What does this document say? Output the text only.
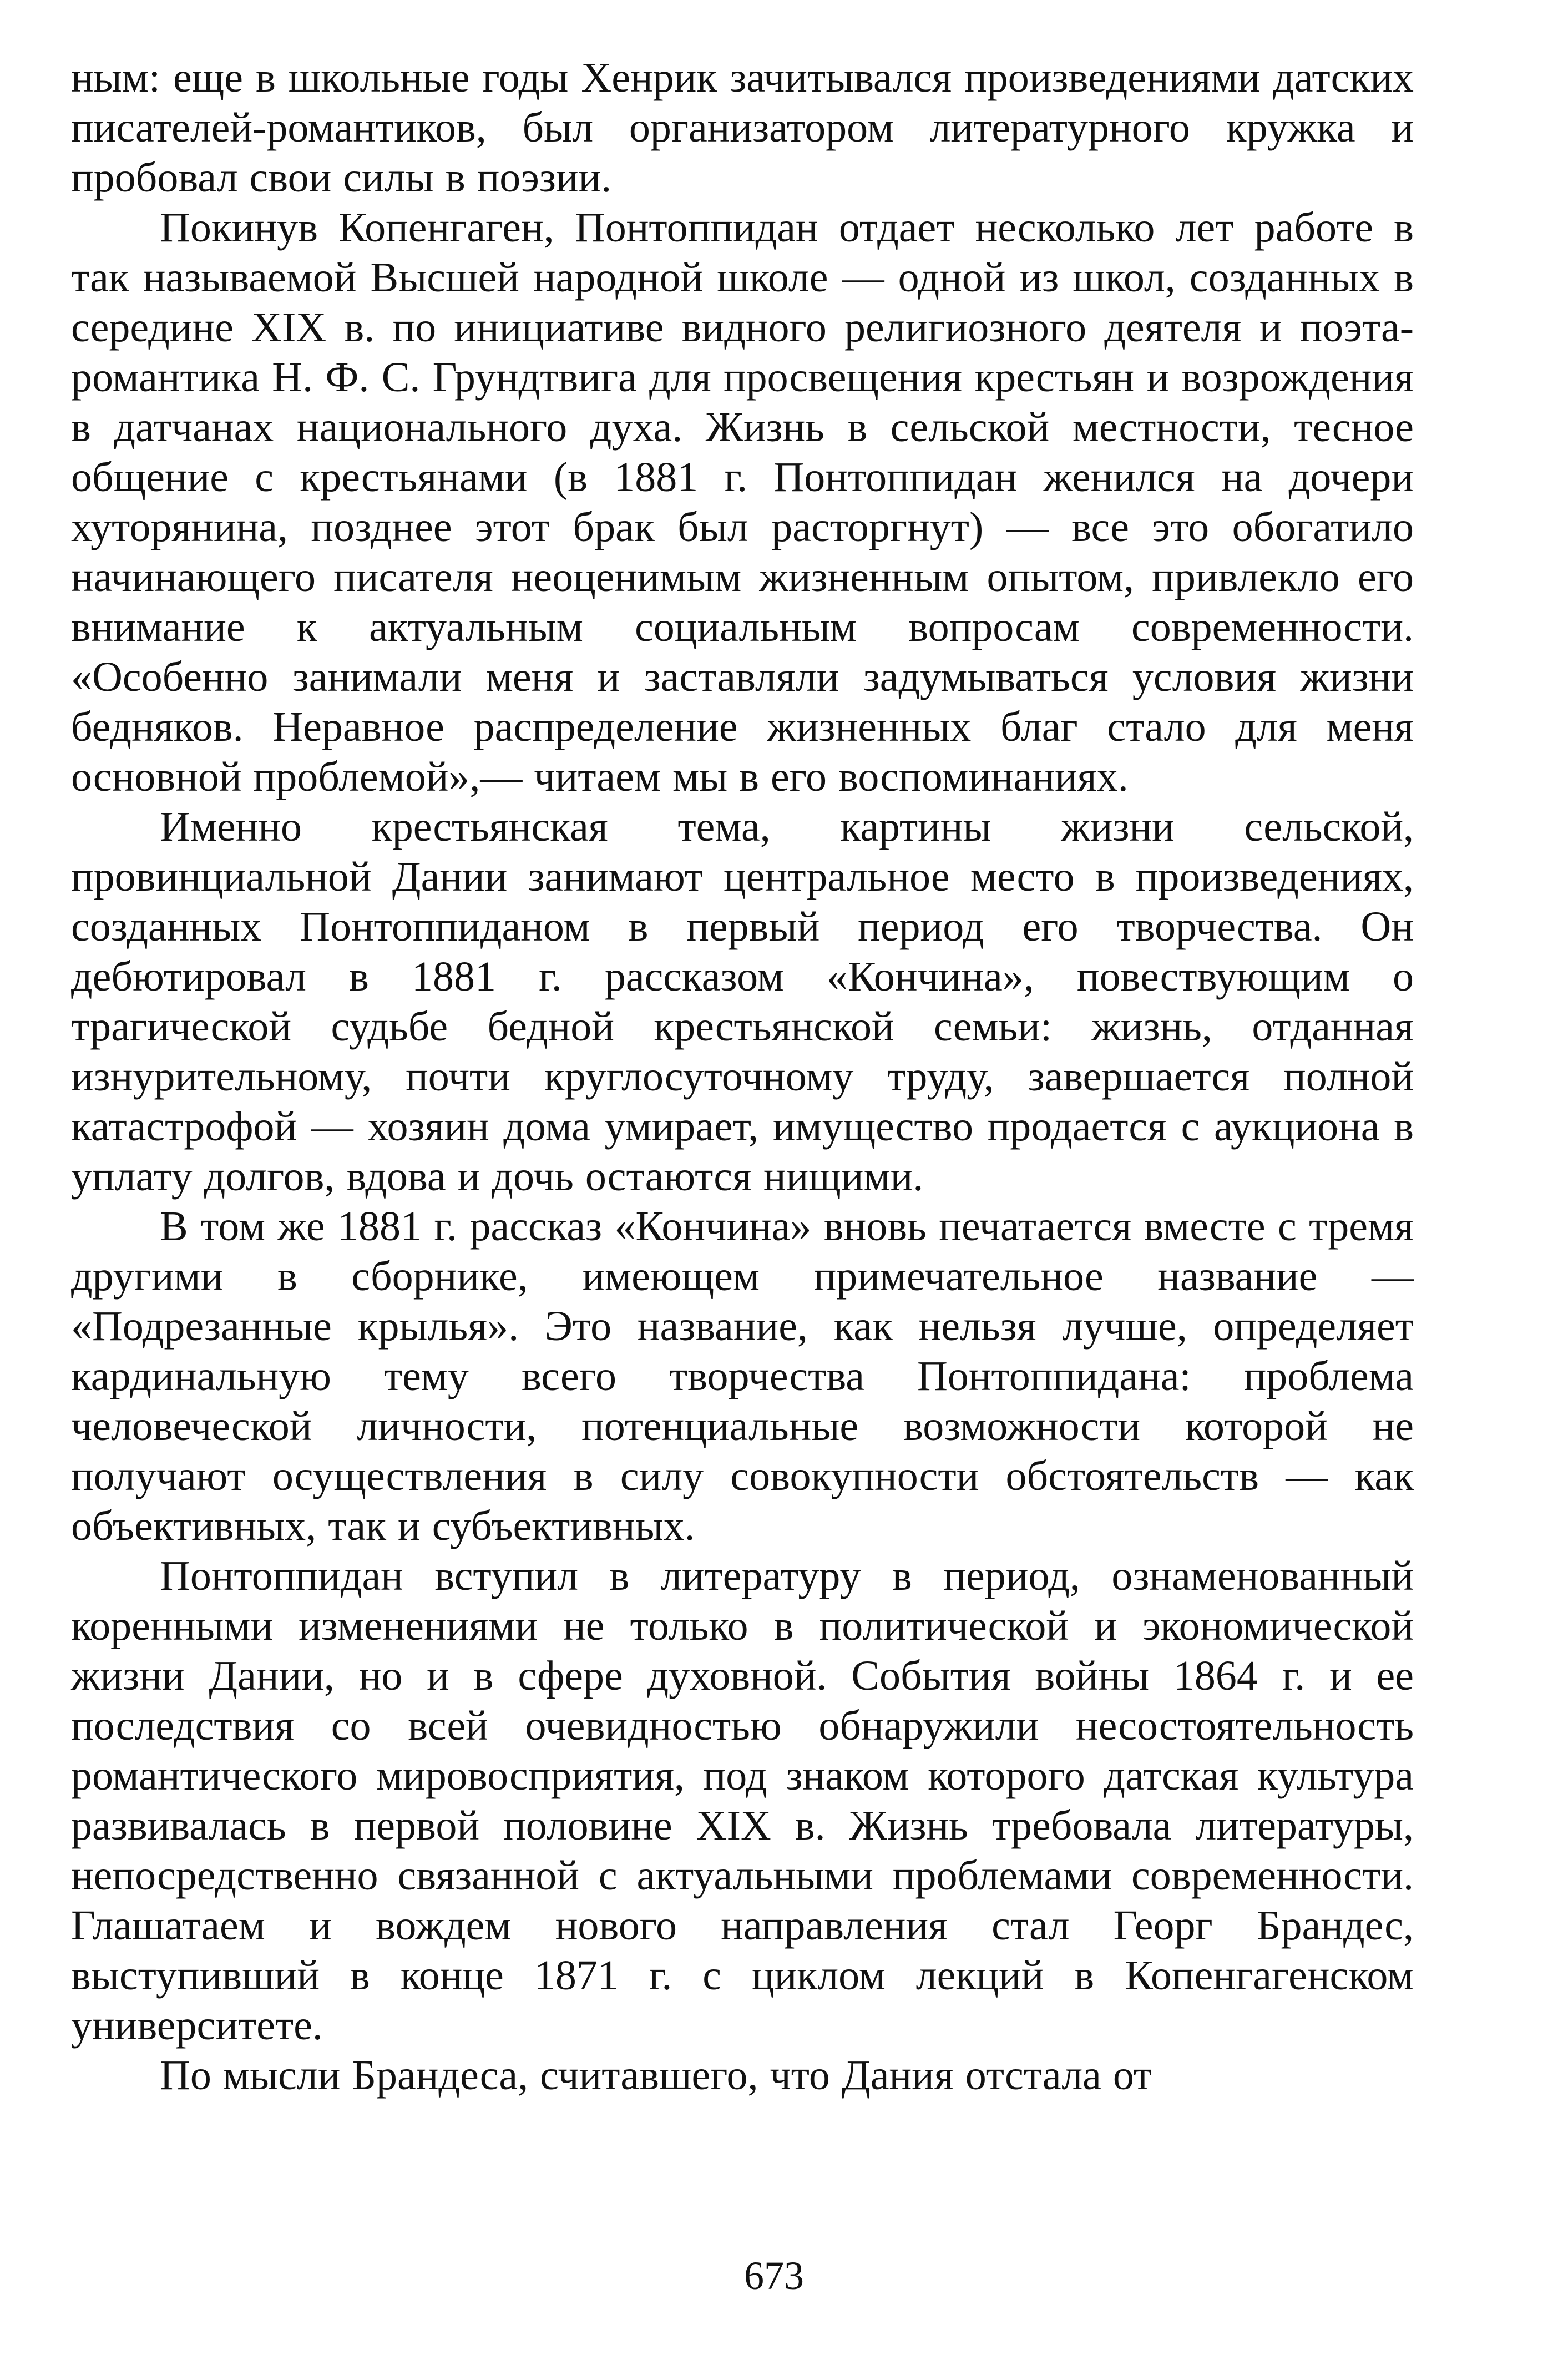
ным: еще в школьные годы Хенрик зачитывался произведениями датских писателей-романтиков, был организатором литературного кружка и пробовал свои силы в поэзии.

Покинув Копенгаген, Понтоппидан отдает несколько лет работе в так называемой Высшей народной школе — одной из школ, созданных в середине XIX в. по инициативе видного религиозного деятеля и поэта-романтика Н. Ф. С. Грундтвига для просвещения крестьян и возрождения в датчанах национального духа. Жизнь в сельской местности, тесное общение с крестьянами (в 1881 г. Понтоппидан женился на дочери хуторянина, позднее этот брак был расторгнут) — все это обогатило начинающего писателя неоценимым жизненным опытом, привлекло его внимание к актуальным социальным вопросам современности. «Особенно занимали меня и заставляли задумываться условия жизни бедняков. Неравное распределение жизненных благ стало для меня основной проблемой»,— читаем мы в его воспоминаниях.

Именно крестьянская тема, картины жизни сельской, провинциальной Дании занимают центральное место в произведениях, созданных Понтоппиданом в первый период его творчества. Он дебютировал в 1881 г. рассказом «Кончина», повествующим о трагической судьбе бедной крестьянской семьи: жизнь, отданная изнурительному, почти круглосуточному труду, завершается полной катастрофой — хозяин дома умирает, имущество продается с аукциона в уплату долгов, вдова и дочь остаются нищими.

В том же 1881 г. рассказ «Кончина» вновь печатается вместе с тремя другими в сборнике, имеющем примечательное название — «Подрезанные крылья». Это название, как нельзя лучше, определяет кардинальную тему всего творчества Понтоппидана: проблема человеческой личности, потенциальные возможности которой не получают осуществления в силу совокупности обстоятельств — как объективных, так и субъективных.

Понтоппидан вступил в литературу в период, ознаменованный коренными изменениями не только в политической и экономической жизни Дании, но и в сфере духовной. События войны 1864 г. и ее последствия со всей очевидностью обнаружили несостоятельность романтического мировосприятия, под знаком которого датская культура развивалась в первой половине XIX в. Жизнь требовала литературы, непосредственно связанной с актуальными проблемами современности. Глашатаем и вождем нового направления стал Георг Брандес, выступивший в конце 1871 г. с циклом лекций в Копенгагенском университете.

По мысли Брандеса, считавшего, что Дания отстала от

673
